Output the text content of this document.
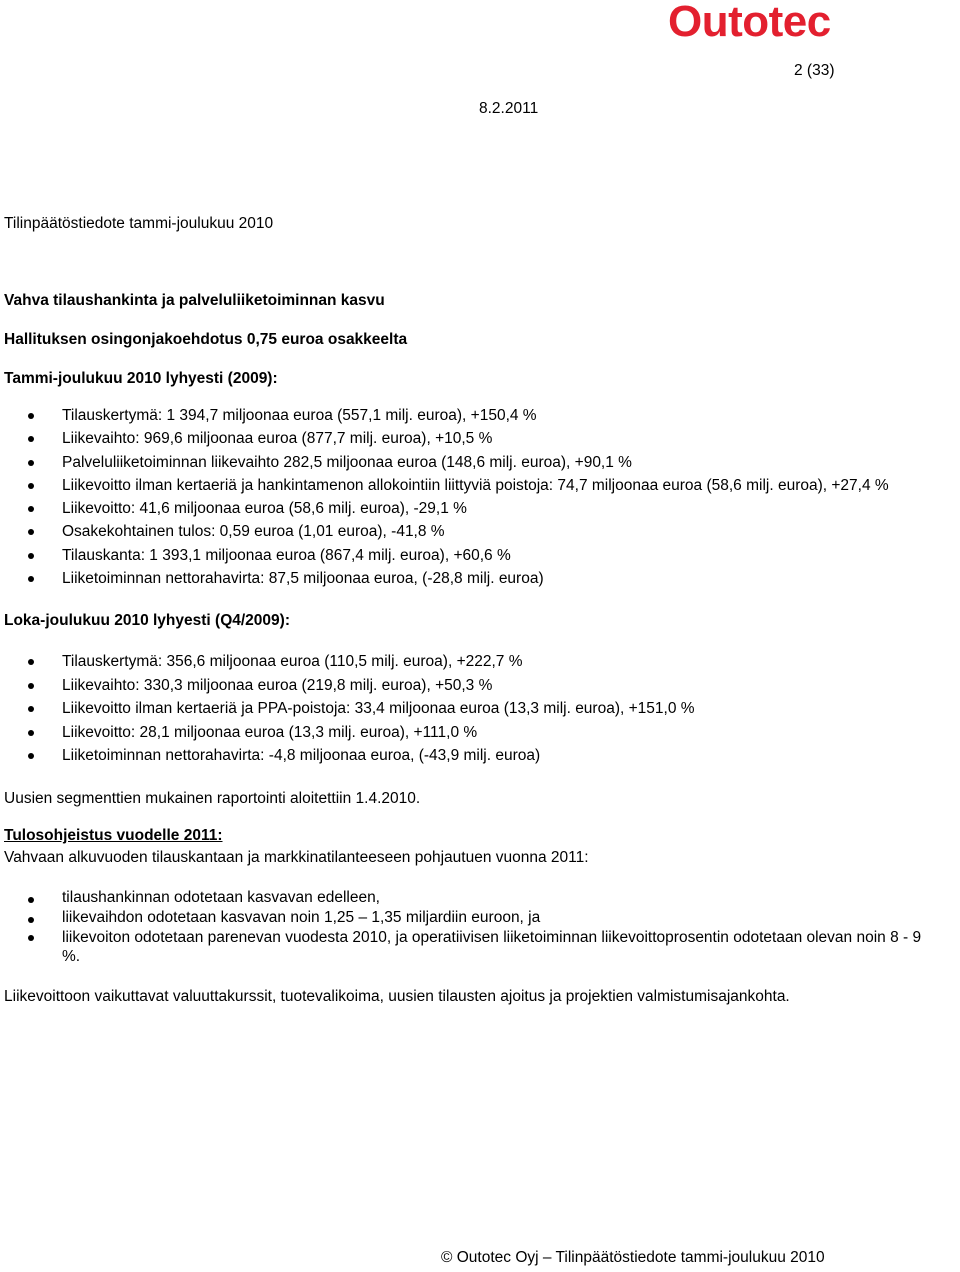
Outotec
2 (33)
8.2.2011
Tilinpäätöstiedote tammi-joulukuu 2010
Vahva tilaushankinta ja palveluliiketoiminnan kasvu
Hallituksen osingonjakoehdotus 0,75 euroa osakkeelta
Tammi-joulukuu 2010 lyhyesti (2009):
Tilauskertymä: 1 394,7 miljoonaa euroa (557,1 milj. euroa), +150,4 %
Liikevaihto: 969,6 miljoonaa euroa (877,7 milj. euroa), +10,5 %
Palveluliiketoiminnan liikevaihto 282,5 miljoonaa euroa (148,6 milj. euroa), +90,1 %
Liikevoitto ilman kertaeriä ja hankintamenon allokointiin liittyviä poistoja: 74,7 miljoonaa euroa (58,6 milj. euroa), +27,4 %
Liikevoitto: 41,6 miljoonaa euroa (58,6 milj. euroa), -29,1 %
Osakekohtainen tulos: 0,59 euroa (1,01 euroa), -41,8 %
Tilauskanta: 1 393,1 miljoonaa euroa (867,4 milj. euroa), +60,6 %
Liiketoiminnan nettorahavirta: 87,5 miljoonaa euroa, (-28,8 milj. euroa)
Loka-joulukuu 2010 lyhyesti (Q4/2009):
Tilauskertymä: 356,6 miljoonaa euroa (110,5 milj. euroa), +222,7 %
Liikevaihto: 330,3 miljoonaa euroa (219,8 milj. euroa), +50,3 %
Liikevoitto ilman kertaeriä ja PPA-poistoja: 33,4 miljoonaa euroa (13,3 milj. euroa), +151,0 %
Liikevoitto: 28,1 miljoonaa euroa (13,3 milj. euroa), +111,0 %
Liiketoiminnan nettorahavirta: -4,8 miljoonaa euroa, (-43,9 milj. euroa)
Uusien segmenttien mukainen raportointi aloitettiin 1.4.2010.
Tulosohjeistus vuodelle 2011:
Vahvaan alkuvuoden tilauskantaan ja markkinatilanteeseen pohjautuen vuonna 2011:
tilaushankinnan odotetaan kasvavan edelleen,
liikevaihdon odotetaan kasvavan noin 1,25 – 1,35 miljardiin euroon, ja
liikevoiton odotetaan parenevan vuodesta 2010, ja operatiivisen liiketoiminnan liikevoittoprosentin odotetaan olevan noin 8 - 9 %.
Liikevoittoon vaikuttavat valuuttakurssit, tuotevalikoima, uusien tilausten ajoitus ja projektien valmistumisajankohta.
© Outotec Oyj – Tilinpäätöstiedote tammi-joulukuu 2010
